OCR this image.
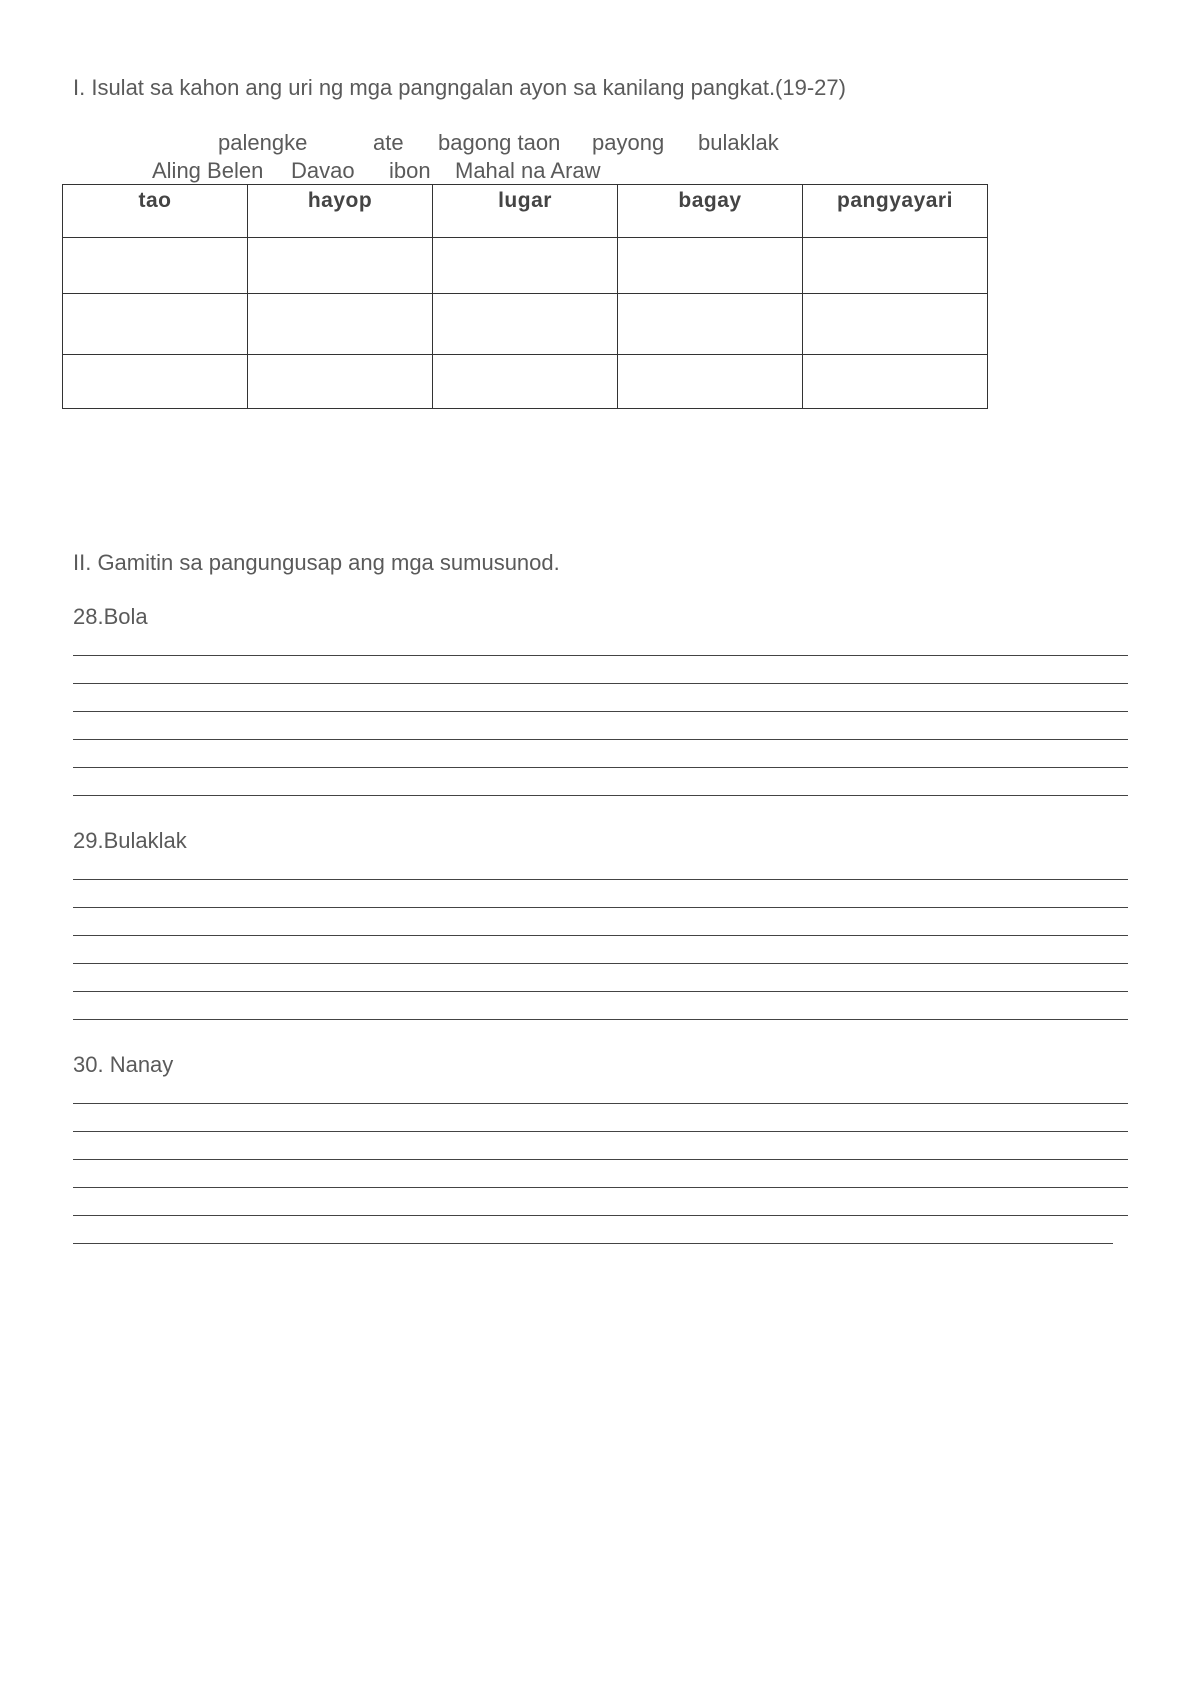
I. Isulat sa kahon ang uri ng mga pangngalan ayon sa kanilang pangkat.(19-27)
palengke	ate bagong taon payong bulaklak
Aling Belen Davao ibon Mahal na Araw
tao	hayop	lugar	bagay	pangyayari

II. Gamitin sa pangungusap ang mga sumusunod.
28.Bola
29.Bulaklak
30. Nanay
